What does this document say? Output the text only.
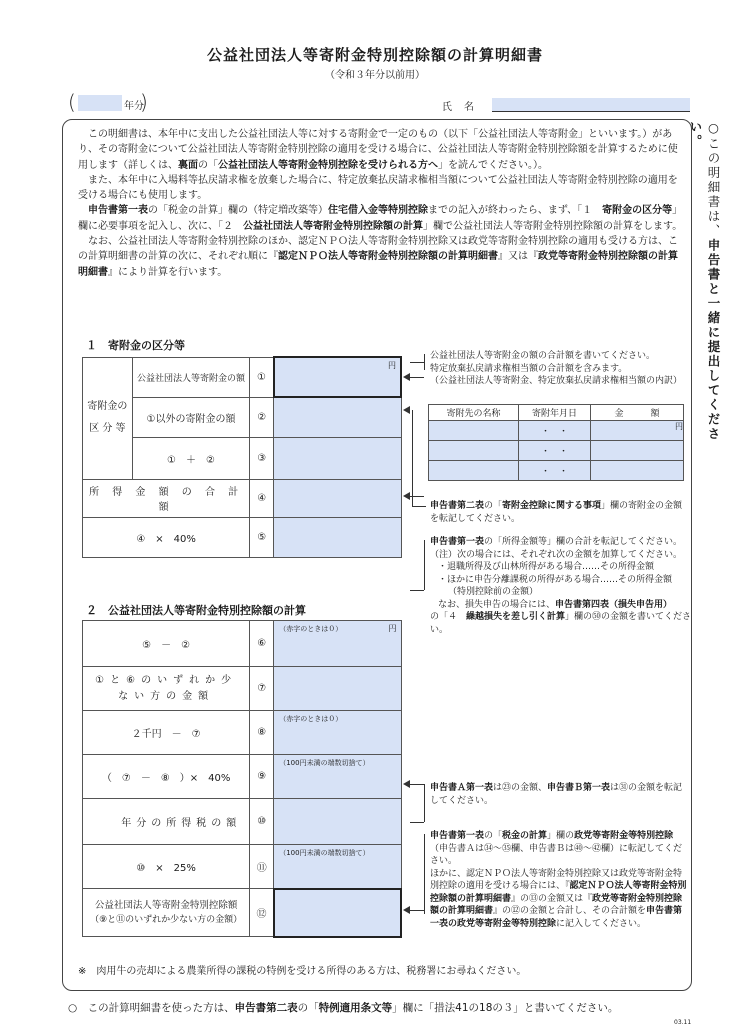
公益社団法人等寄附金特別控除額の計算明細書
（令和３年分以前用）
(	年分
)	氏名
○この明細書は、申告書と一緒に提出してください。

この明細書は、本年中に支出した公益社団法人等に対する寄附金で一定のもの（以下「公益社団法人等寄附金」といいます。）があり、その寄附金について公益社団法人等寄附金特別控除の適用を受ける場合に、公益社団法人等寄附金特別控除額を計算するために使用します（詳しくは、裏面の「公益社団法人等寄附金特別控除を受けられる方へ」を読んでください。）。

また、本年中に入場料等払戻請求権を放棄した場合に、特定放棄払戻請求権相当額について公益社団法人等寄附金特別控除の適用を受ける場合にも使用します。

申告書第一表の「税金の計算」欄の（特定増改築等）住宅借入金等特別控除までの記入が終わったら、まず、「１　寄附金の区分等」欄に必要事項を記入し、次に、「２　公益社団法人等寄附金特別控除額の計算」欄で公益社団法人等寄附金特別控除額の計算をします。

なお、公益社団法人等寄附金特別控除のほか、認定ＮＰＯ法人等寄附金特別控除又は政党等寄附金特別控除の適用も受ける方は、この計算明細書の計算の次に、それぞれ順に『認定ＮＰＯ法人等寄附金特別控除額の計算明細書』又は『政党等寄附金特別控除額の計算明細書』により計算を行います。

１　寄附金の区分等
寄附金の
区 分 等	公益社団法人等寄附金の額	①	円

	①以外の寄附金の額	②	
	①　＋　②	③	
所 得 金 額 の 合 計 額		④	
④　×　40%		⑤	
公益社団法人等寄附金の額の合計額を書いてください。
特定放棄払戻請求権相当額の合計額を含みます。
（公益社団法人等寄附金、特定放棄払戻請求権相当額の内訳）
寄附先の名称	寄附年月日	金　　　額
	・　・	円
	・　・	
	・　・	
申告書第二表の「寄附金控除に関する事項」欄の寄附金の金額を転記してください。
申告書第一表の「所得金額等」欄の合計を転記してください。
（注）次の場合には、それぞれ次の金額を加算してください。
・退職所得及び山林所得がある場合……その所得金額
・ほかに申告分離課税の所得がある場合……その所得金額
（特別控除前の金額）
なお、損失申告の場合には、申告書第四表（損失申告用）
の「４　繰越損失を差し引く計算」欄の㊿の金額を書いてください。
２　公益社団法人等寄附金特別控除額の計算
⑤　－　②	⑥	（赤字のときは０） 円

①と⑥のいずれか少ない方の金額	⑦	
２千円　－　⑦	⑧	（赤字のときは０）

（　⑦　－　⑧　）×　40%	⑨	（100円未満の端数切捨て）

年分の所得税の額	⑩	
⑩　×　25%	⑪	（100円未満の端数切捨て）

公益社団法人等寄附金特別控除額
（⑨と⑪のいずれか少ない方の金額）	⑫	
申告書Ａ第一表は㉓の金額、申告書Ｂ第一表は㉛の金額を転記してください。
申告書第一表の「税金の計算」欄の政党等寄附金等特別控除（申告書Ａは㉞～㉟欄、申告書Ｂは㊵～㊷欄）に転記してください。
ほかに、認定ＮＰＯ法人等寄附金特別控除又は政党等寄附金特別控除の適用を受ける場合には、『認定ＮＰＯ法人等寄附金特別控除額の計算明細書』の⑬の金額又は『政党等寄附金特別控除額の計算明細書』の⑫の金額と合計し、その合計額を申告書第一表の政党等寄附金等特別控除に記入してください。
※　肉用牛の売却による農業所得の課税の特例を受ける所得のある方は、税務署にお尋ねください。
○　この計算明細書を使った方は、申告書第二表の「特例適用条文等」欄に「措法41の18の３」と書いてください。
03.11
